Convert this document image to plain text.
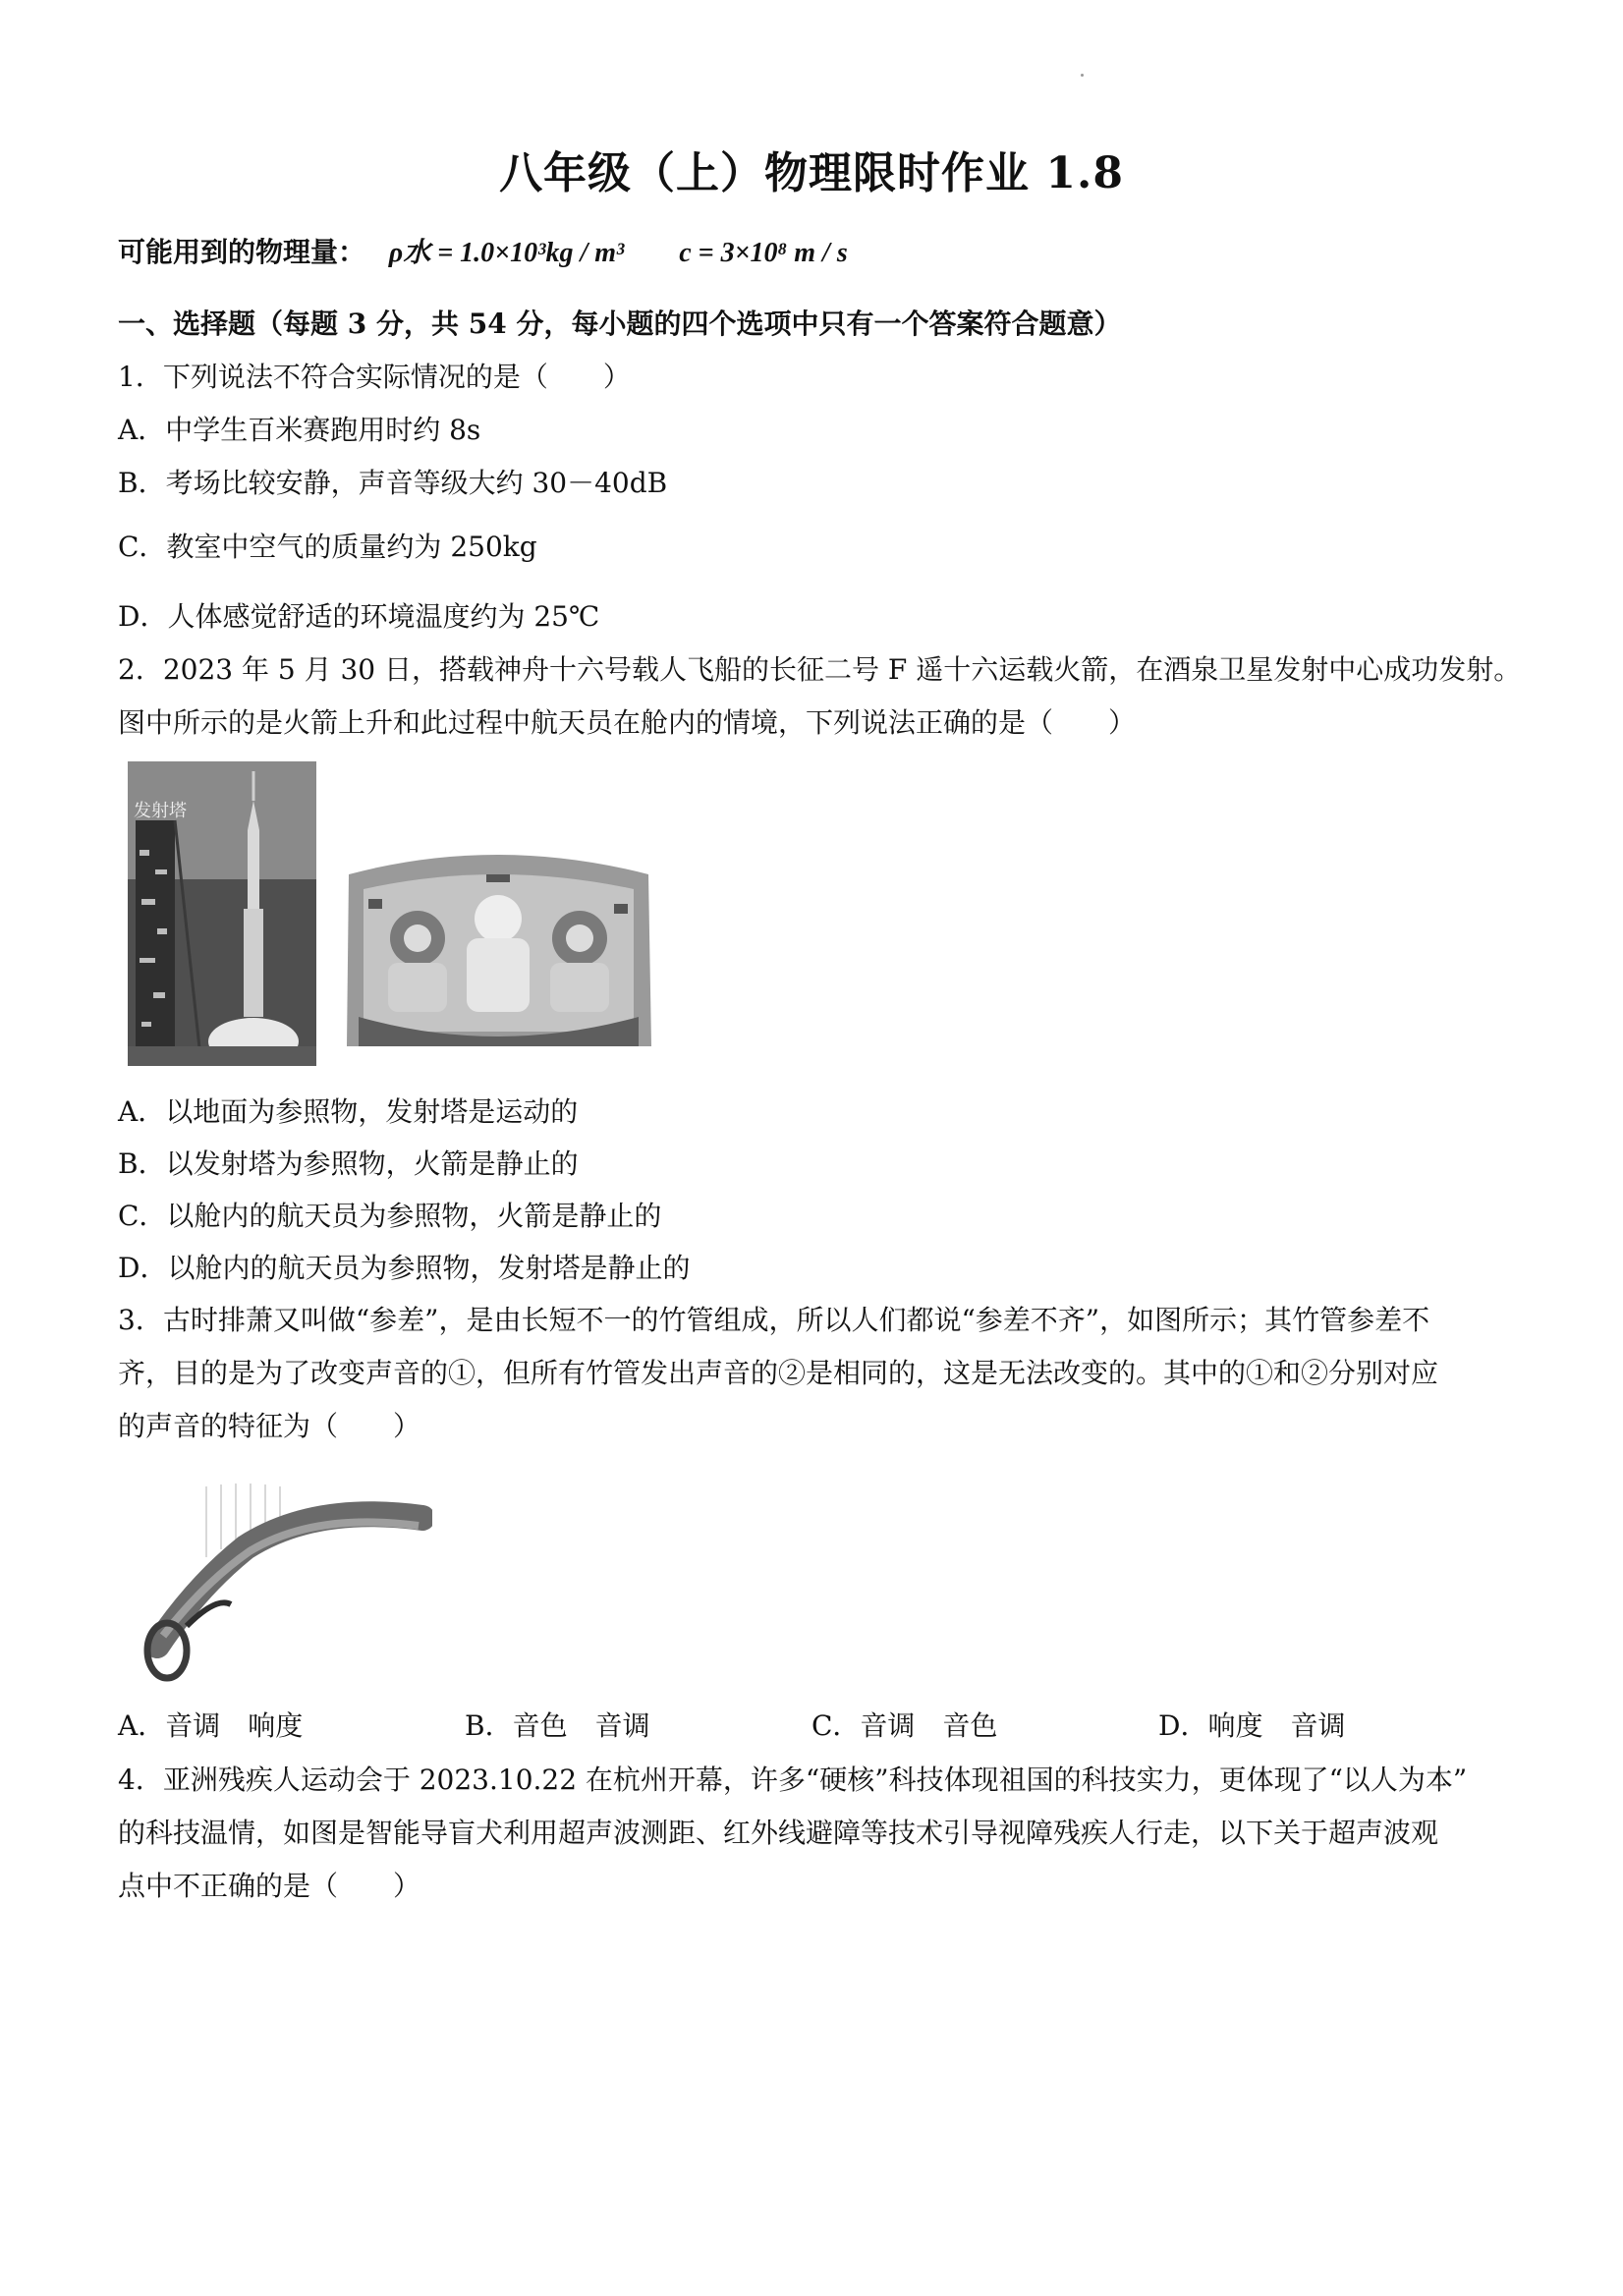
八年级（上）物理限时作业 1.8
可能用到的物理量： ρ水 = 1.0×10³kg / m³ c = 3×10⁸ m / s
一、选择题（每题 3 分，共 54 分，每小题的四个选项中只有一个答案符合题意）
1．下列说法不符合实际情况的是（　　）
A．中学生百米赛跑用时约 8s
B．考场比较安静，声音等级大约 30－40dB
C．教室中空气的质量约为 250kg
D．人体感觉舒适的环境温度约为 25℃
2．2023 年 5 月 30 日，搭载神舟十六号载人飞船的长征二号 F 遥十六运载火箭，在酒泉卫星发射中心成功发射。
图中所示的是火箭上升和此过程中航天员在舱内的情境，下列说法正确的是（　　）
发射塔
A．以地面为参照物，发射塔是运动的
B．以发射塔为参照物，火箭是静止的
C．以舱内的航天员为参照物，火箭是静止的
D．以舱内的航天员为参照物，发射塔是静止的
3．古时排萧又叫做“参差”，是由长短不一的竹管组成，所以人们都说“参差不齐”，如图所示；其竹管参差不
齐，目的是为了改变声音的①，但所有竹管发出声音的②是相同的，这是无法改变的。其中的①和②分别对应
的声音的特征为（　　）
A．音调　响度	B．音色　音调	C．音调　音色	D．响度　音调
4．亚洲残疾人运动会于 2023.10.22 在杭州开幕，许多“硬核”科技体现祖国的科技实力，更体现了“以人为本”
的科技温情，如图是智能导盲犬利用超声波测距、红外线避障等技术引导视障残疾人行走，以下关于超声波观
点中不正确的是（　　）
